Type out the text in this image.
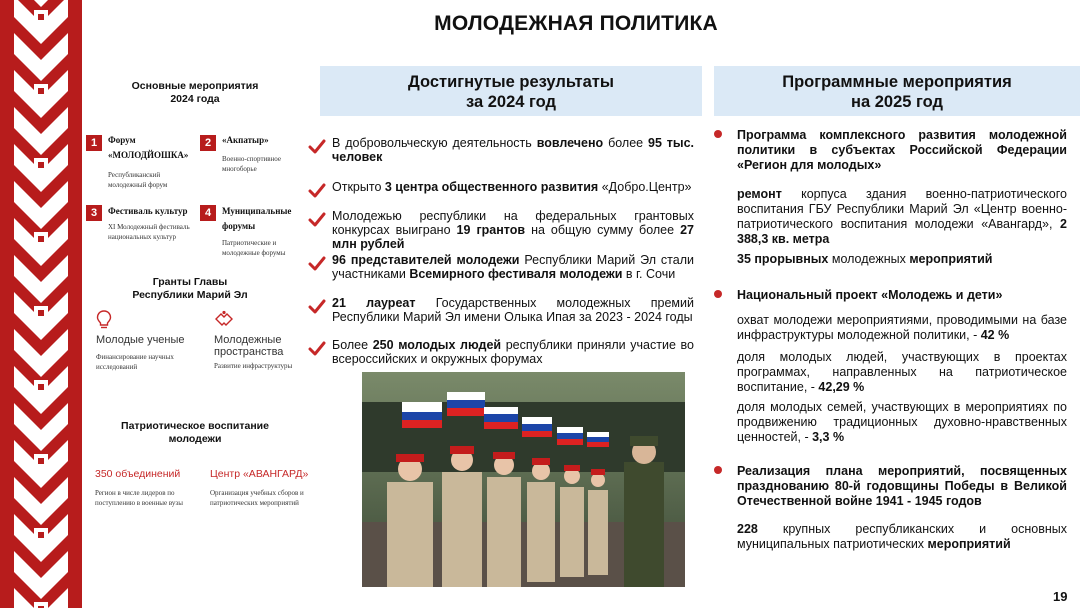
МОЛОДЕЖНАЯ ПОЛИТИКА
Достигнутые результаты
за 2024 год
Программные мероприятия
на 2025 год
Основные мероприятия
2024 года
1	Форум «МОЛОДЙОШКА»
Республиканский молодежный форум
2	«Акпатыр»
Военно-спортивное многоборье
3	Фестиваль культур
XI Молодежный фестиваль национальных культур
4	Муниципальные форумы
Патриотические и молодежные форумы
Гранты Главы
Республики Марий Эл
Молодые ученые
Финансирование научных исследований
Молодежные пространства
Развитие инфраструктуры
Патриотическое воспитание
молодежи
350 объединений
Регион в числе лидеров по поступлению в военные вузы
Центр «АВАНГАРД»
Организация учебных сборов и патриотических мероприятий
В добровольческую деятельность вовлечено более 95 тыс. человек
Открыто 3 центра общественного развития «Добро.Центр»
Молодежью республики на федеральных грантовых конкурсах выиграно 19 грантов на общую сумму более 27 млн рублей
96 представителей молодежи Республики Марий Эл стали участниками Всемирного фестиваля молодежи в г. Сочи
21 лауреат Государственных молодежных премий Республики Марий Эл имени Олыка Ипая за 2023 - 2024 годы
Более 250 молодых людей республики приняли участие во всероссийских и окружных форумах
Программа комплексного развития молодежной политики в субъектах Российской Федерации «Регион для молодых»
ремонт корпуса здания военно-патриотического воспитания ГБУ Республики Марий Эл «Центр военно-патриотического воспитания молодежи «Авангард», 2 388,3 кв. метра
35 прорывных молодежных мероприятий
Национальный проект «Молодежь и дети»
охват молодежи мероприятиями, проводимыми на базе инфраструктуры молодежной политики, - 42 %
доля молодых людей, участвующих в проектах программах, направленных на патриотическое воспитание, - 42,29 %
доля молодых семей, участвующих в мероприятиях по продвижению традиционных духовно-нравственных ценностей, - 3,3 %
Реализация плана мероприятий, посвященных празднованию 80-й годовщины Победы в Великой Отечественной войне 1941 - 1945 годов
228 крупных республиканских и основных муниципальных патриотических мероприятий
19
